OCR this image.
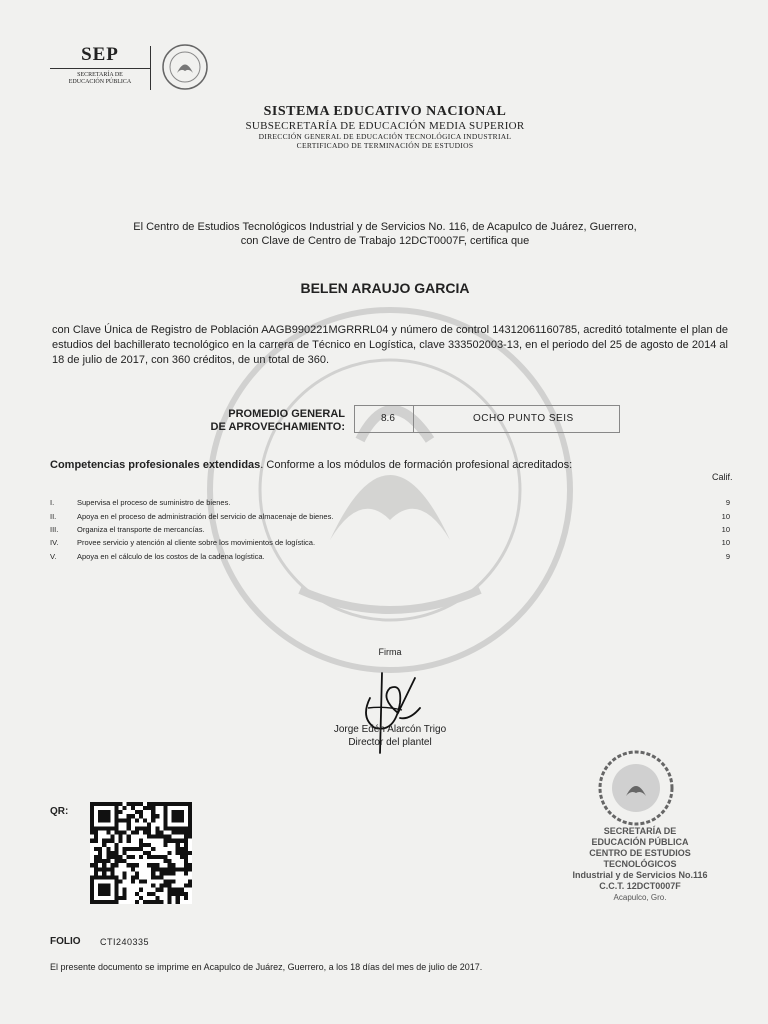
SEP
SECRETARÍA DE
EDUCACIÓN PÚBLICA
SISTEMA EDUCATIVO NACIONAL
SUBSECRETARÍA DE EDUCACIÓN MEDIA SUPERIOR
DIRECCIÓN GENERAL DE EDUCACIÓN TECNOLÓGICA INDUSTRIAL
CERTIFICADO DE TERMINACIÓN DE ESTUDIOS
El Centro de Estudios Tecnológicos Industrial y de Servicios No. 116, de Acapulco de Juárez, Guerrero,
con Clave de Centro de Trabajo 12DCT0007F, certifica que
BELEN ARAUJO GARCIA
con Clave Única de Registro de Población AAGB990221MGRRRL04 y número de control 14312061160785, acreditó totalmente el plan de estudios del bachillerato tecnológico en la carrera de Técnico en Logística, clave 333502003-13, en el periodo del 25 de agosto de 2014 al 18 de julio de 2017, con 360 créditos, de un total de 360.
PROMEDIO GENERAL
DE APROVECHAMIENTO:
8.6	OCHO PUNTO SEIS
Competencias profesionales extendidas. Conforme a los módulos de formación profesional acreditados:
Calif.
I.	Supervisa el proceso de suministro de bienes.	9
II.	Apoya en el proceso de administración del servicio de almacenaje de bienes.	10
III. Organiza el transporte de mercancías.	10
IV. Provee servicio y atención al cliente sobre los movimientos de logística.	10
V.	Apoya en el cálculo de los costos de la cadena logística.	9
Firma
Jorge Edén Alarcón Trigo
Director del plantel
SECRETARÍA DE
EDUCACIÓN PÚBLICA
CENTRO DE ESTUDIOS
TECNOLÓGICOS
Industrial y de Servicios No.116
C.C.T. 12DCT0007F
Acapulco, Gro.
QR:
FOLIO CTI240335
El presente documento se imprime en Acapulco de Juárez, Guerrero, a los 18 días del mes de julio de 2017.
